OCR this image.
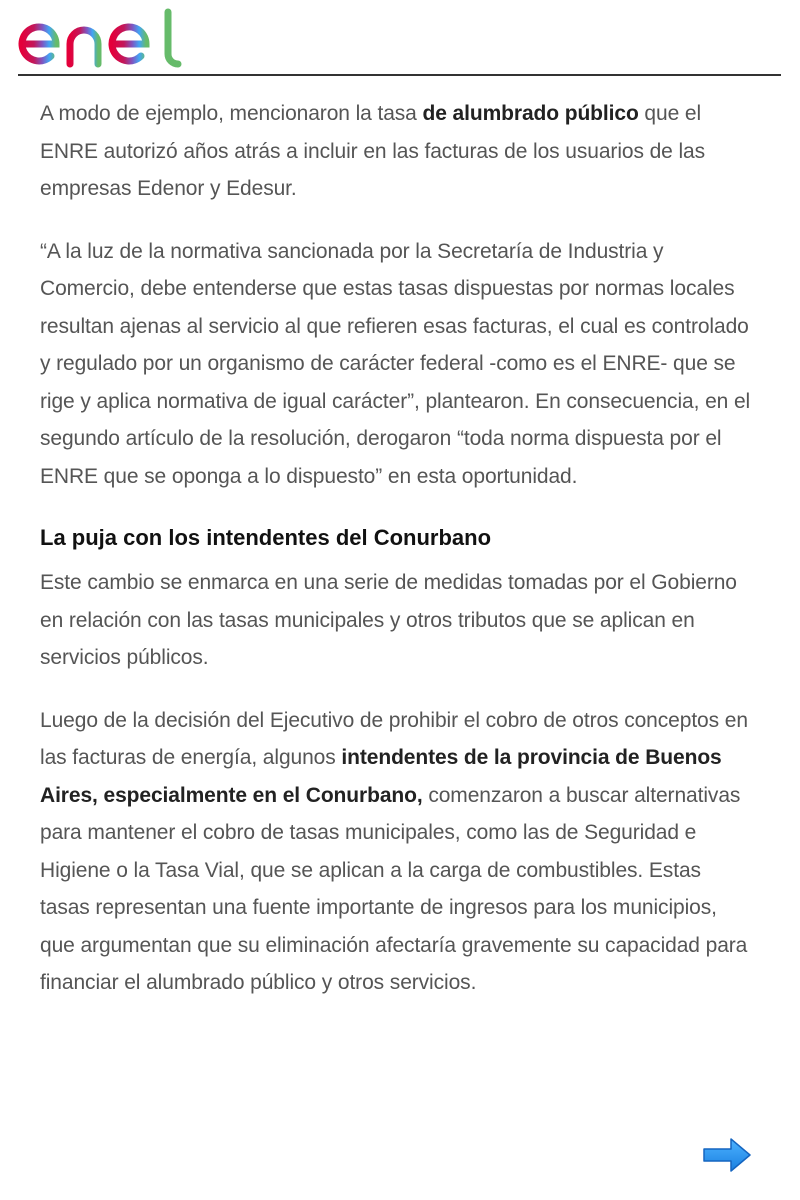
A modo de ejemplo, mencionaron la tasa de alumbrado público que el ENRE autorizó años atrás a incluir en las facturas de los usuarios de las empresas Edenor y Edesur.

“A la luz de la normativa sancionada por la Secretaría de Industria y Comercio, debe entenderse que estas tasas dispuestas por normas locales resultan ajenas al servicio al que refieren esas facturas, el cual es controlado y regulado por un organismo de carácter federal -como es el ENRE- que se rige y aplica normativa de igual carácter”, plantearon. En consecuencia, en el segundo artículo de la resolución, derogaron “toda norma dispuesta por el ENRE que se oponga a lo dispuesto” en esta oportunidad.

La puja con los intendentes del Conurbano

Este cambio se enmarca en una serie de medidas tomadas por el Gobierno en relación con las tasas municipales y otros tributos que se aplican en servicios públicos.

Luego de la decisión del Ejecutivo de prohibir el cobro de otros conceptos en las facturas de energía, algunos intendentes de la provincia de Buenos Aires, especialmente en el Conurbano, comenzaron a buscar alternativas para mantener el cobro de tasas municipales, como las de Seguridad e Higiene o la Tasa Vial, que se aplican a la carga de combustibles. Estas tasas representan una fuente importante de ingresos para los municipios, que argumentan que su eliminación afectaría gravemente su capacidad para financiar el alumbrado público y otros servicios.
